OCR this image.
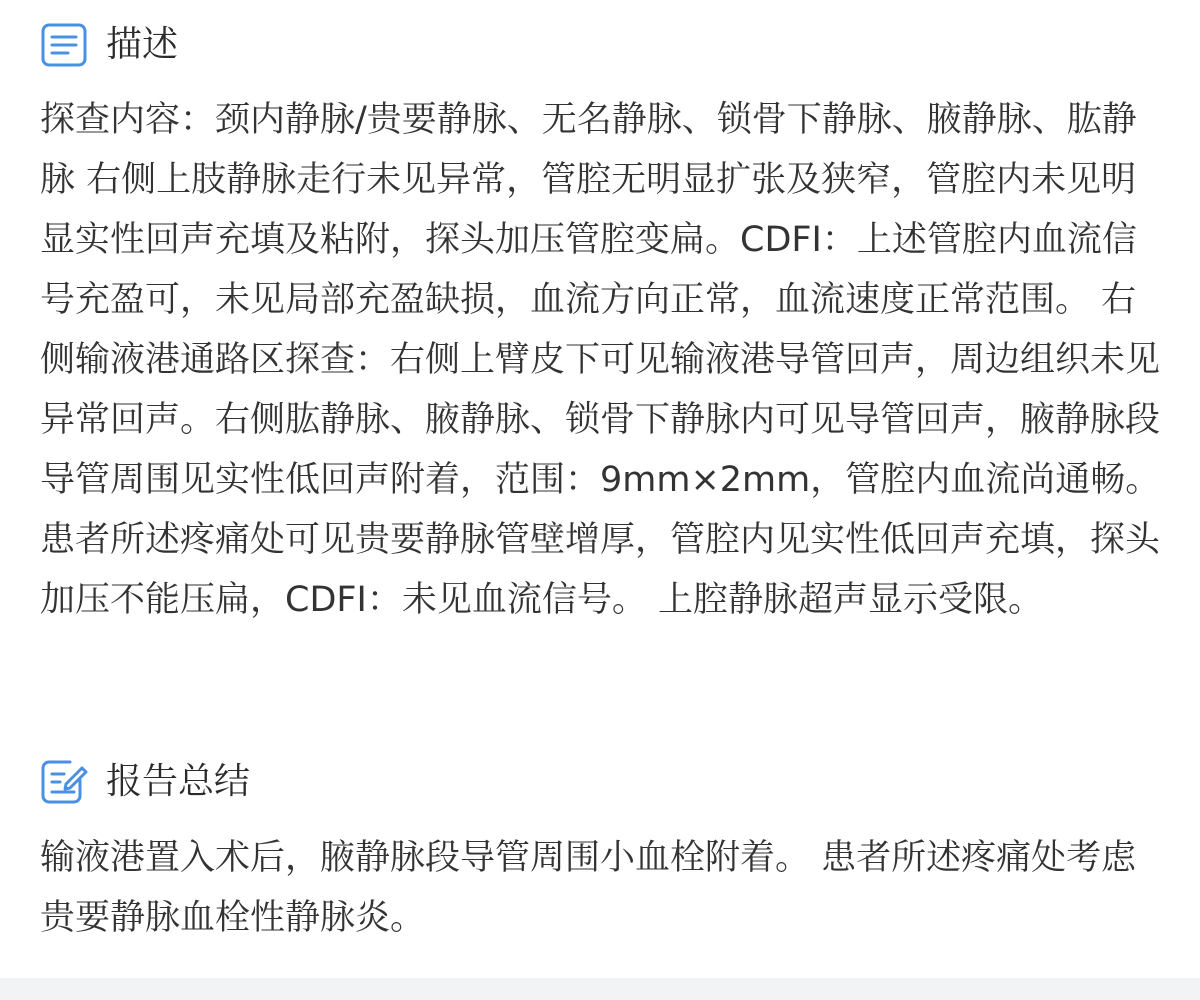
描述

探查内容：颈内静脉/贵要静脉、无名静脉、锁骨下静脉、腋静脉、肱静脉 右侧上肢静脉走行未见异常，管腔无明显扩张及狭窄，管腔内未见明显实性回声充填及粘附，探头加压管腔变扁。CDFI：上述管腔内血流信号充盈可，未见局部充盈缺损，血流方向正常，血流速度正常范围。 右侧输液港通路区探查：右侧上臂皮下可见输液港导管回声，周边组织未见异常回声。右侧肱静脉、腋静脉、锁骨下静脉内可见导管回声，腋静脉段导管周围见实性低回声附着，范围：9mm×2mm，管腔内血流尚通畅。患者所述疼痛处可见贵要静脉管壁增厚，管腔内见实性低回声充填，探头加压不能压扁，CDFI：未见血流信号。 上腔静脉超声显示受限。

报告总结

输液港置入术后，腋静脉段导管周围小血栓附着。 患者所述疼痛处考虑贵要静脉血栓性静脉炎。
